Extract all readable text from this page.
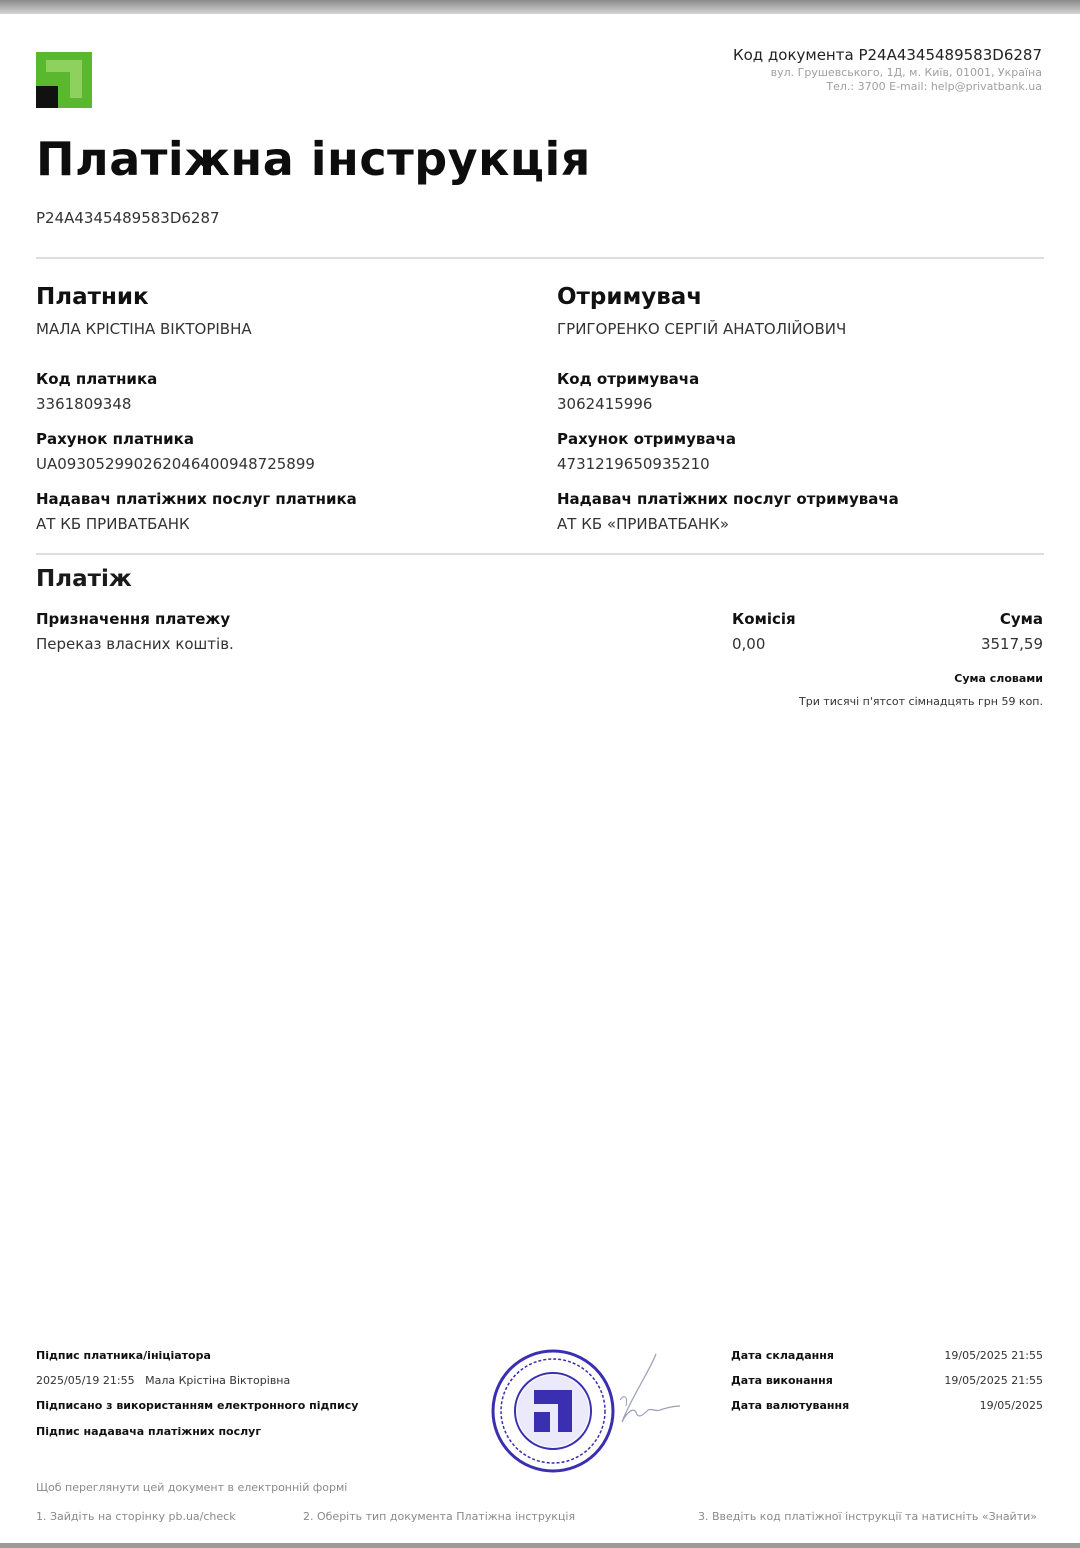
Код документа P24A4345489583D6287
вул. Грушевського, 1Д, м. Київ, 01001, Україна
Тел.: 3700 E-mail: help@privatbank.ua
Платіжна інструкція
P24A4345489583D6287
Платник
МАЛА КРІСТІНА ВІКТОРІВНА
Код платника
3361809348
Рахунок платника
UA093052990262046400948725899
Надавач платіжних послуг платника
АТ КБ ПРИВАТБАНК
Отримувач
ГРИГОРЕНКО СЕРГІЙ АНАТОЛІЙОВИЧ
Код отримувача
3062415996
Рахунок отримувача
4731219650935210
Надавач платіжних послуг отримувача
АТ КБ «ПРИВАТБАНК»
Платіж
Призначення платежу
Переказ власних коштів.
Комісія
0,00
Сума
3517,59
Сума словами
Три тисячі п'ятсот сімнадцять грн 59 коп.
Підпис платника/ініціатора
2025/05/19 21:55 Мала Крістіна Вікторівна
Підписано з використанням електронного підпису
Підпис надавача платіжних послуг
Дата складання	19/05/2025 21:55
Дата виконання	19/05/2025 21:55
Дата валютування	19/05/2025
Щоб переглянути цей документ в електронній формі
1. Зайдіть на сторінку pb.ua/check	2. Оберіть тип документа Платіжна інструкція	3. Введіть код платіжної інструкції та натисніть «Знайти»
